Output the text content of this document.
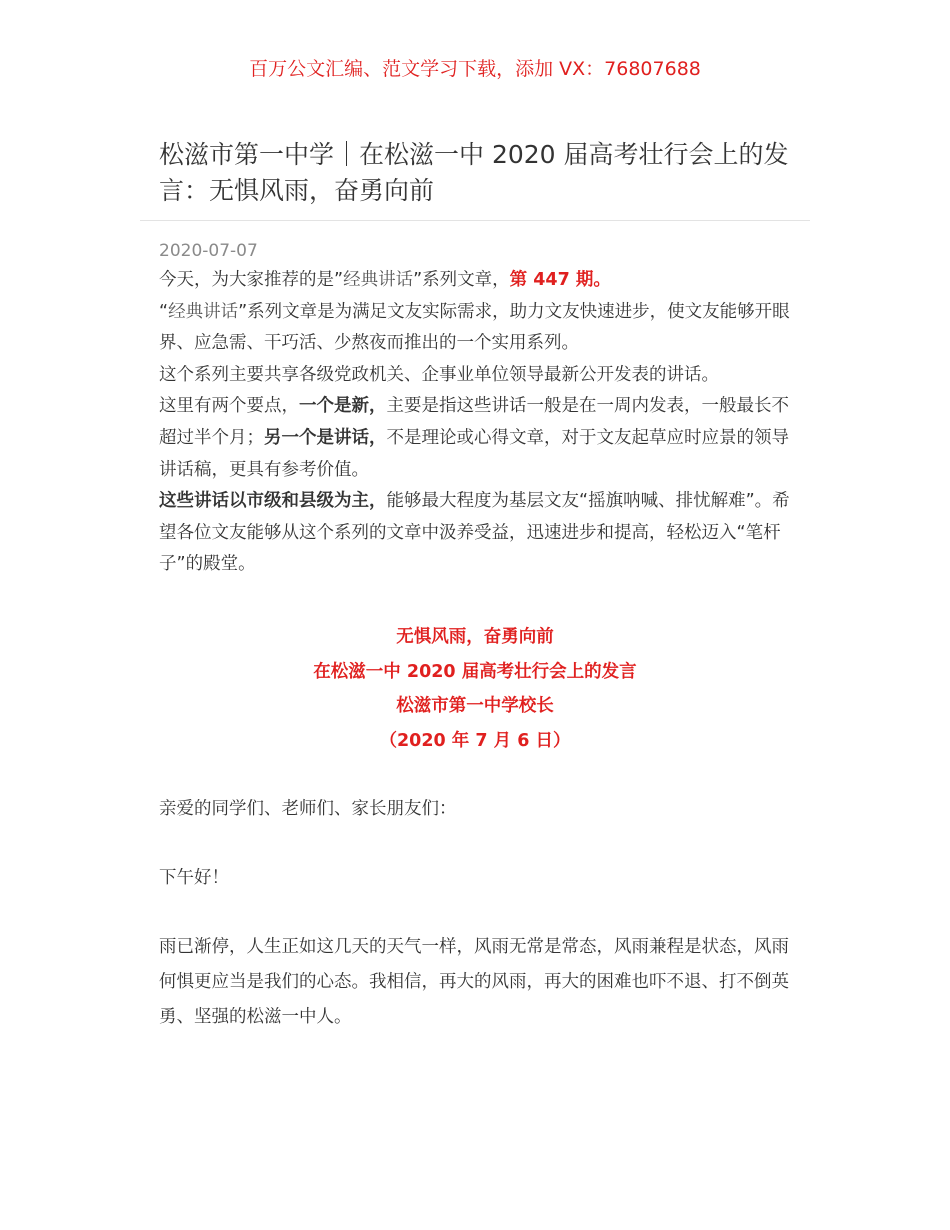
百万公文汇编、范文学习下载，添加 VX：76807688
松滋市第一中学｜在松滋一中 2020 届高考壮行会上的发言：无惧风雨，奋勇向前
2020-07-07

今天，为大家推荐的是”经典讲话”系列文章，第 447 期。

“经典讲话”系列文章是为满足文友实际需求，助力文友快速进步，使文友能够开眼界、应急需、干巧活、少熬夜而推出的一个实用系列。

这个系列主要共享各级党政机关、企事业单位领导最新公开发表的讲话。

这里有两个要点，一个是新，主要是指这些讲话一般是在一周内发表，一般最长不超过半个月；另一个是讲话，不是理论或心得文章，对于文友起草应时应景的领导讲话稿，更具有参考价值。

这些讲话以市级和县级为主，能够最大程度为基层文友“摇旗呐喊、排忧解难”。希望各位文友能够从这个系列的文章中汲养受益，迅速进步和提高，轻松迈入“笔杆子”的殿堂。

无惧风雨，奋勇向前

在松滋一中 2020 届高考壮行会上的发言

松滋市第一中学校长

（2020 年 7 月 6 日）

亲爱的同学们、老师们、家长朋友们：

下午好！

雨已渐停，人生正如这几天的天气一样，风雨无常是常态，风雨兼程是状态，风雨何惧更应当是我们的心态。我相信，再大的风雨，再大的困难也吓不退、打不倒英勇、坚强的松滋一中人。
